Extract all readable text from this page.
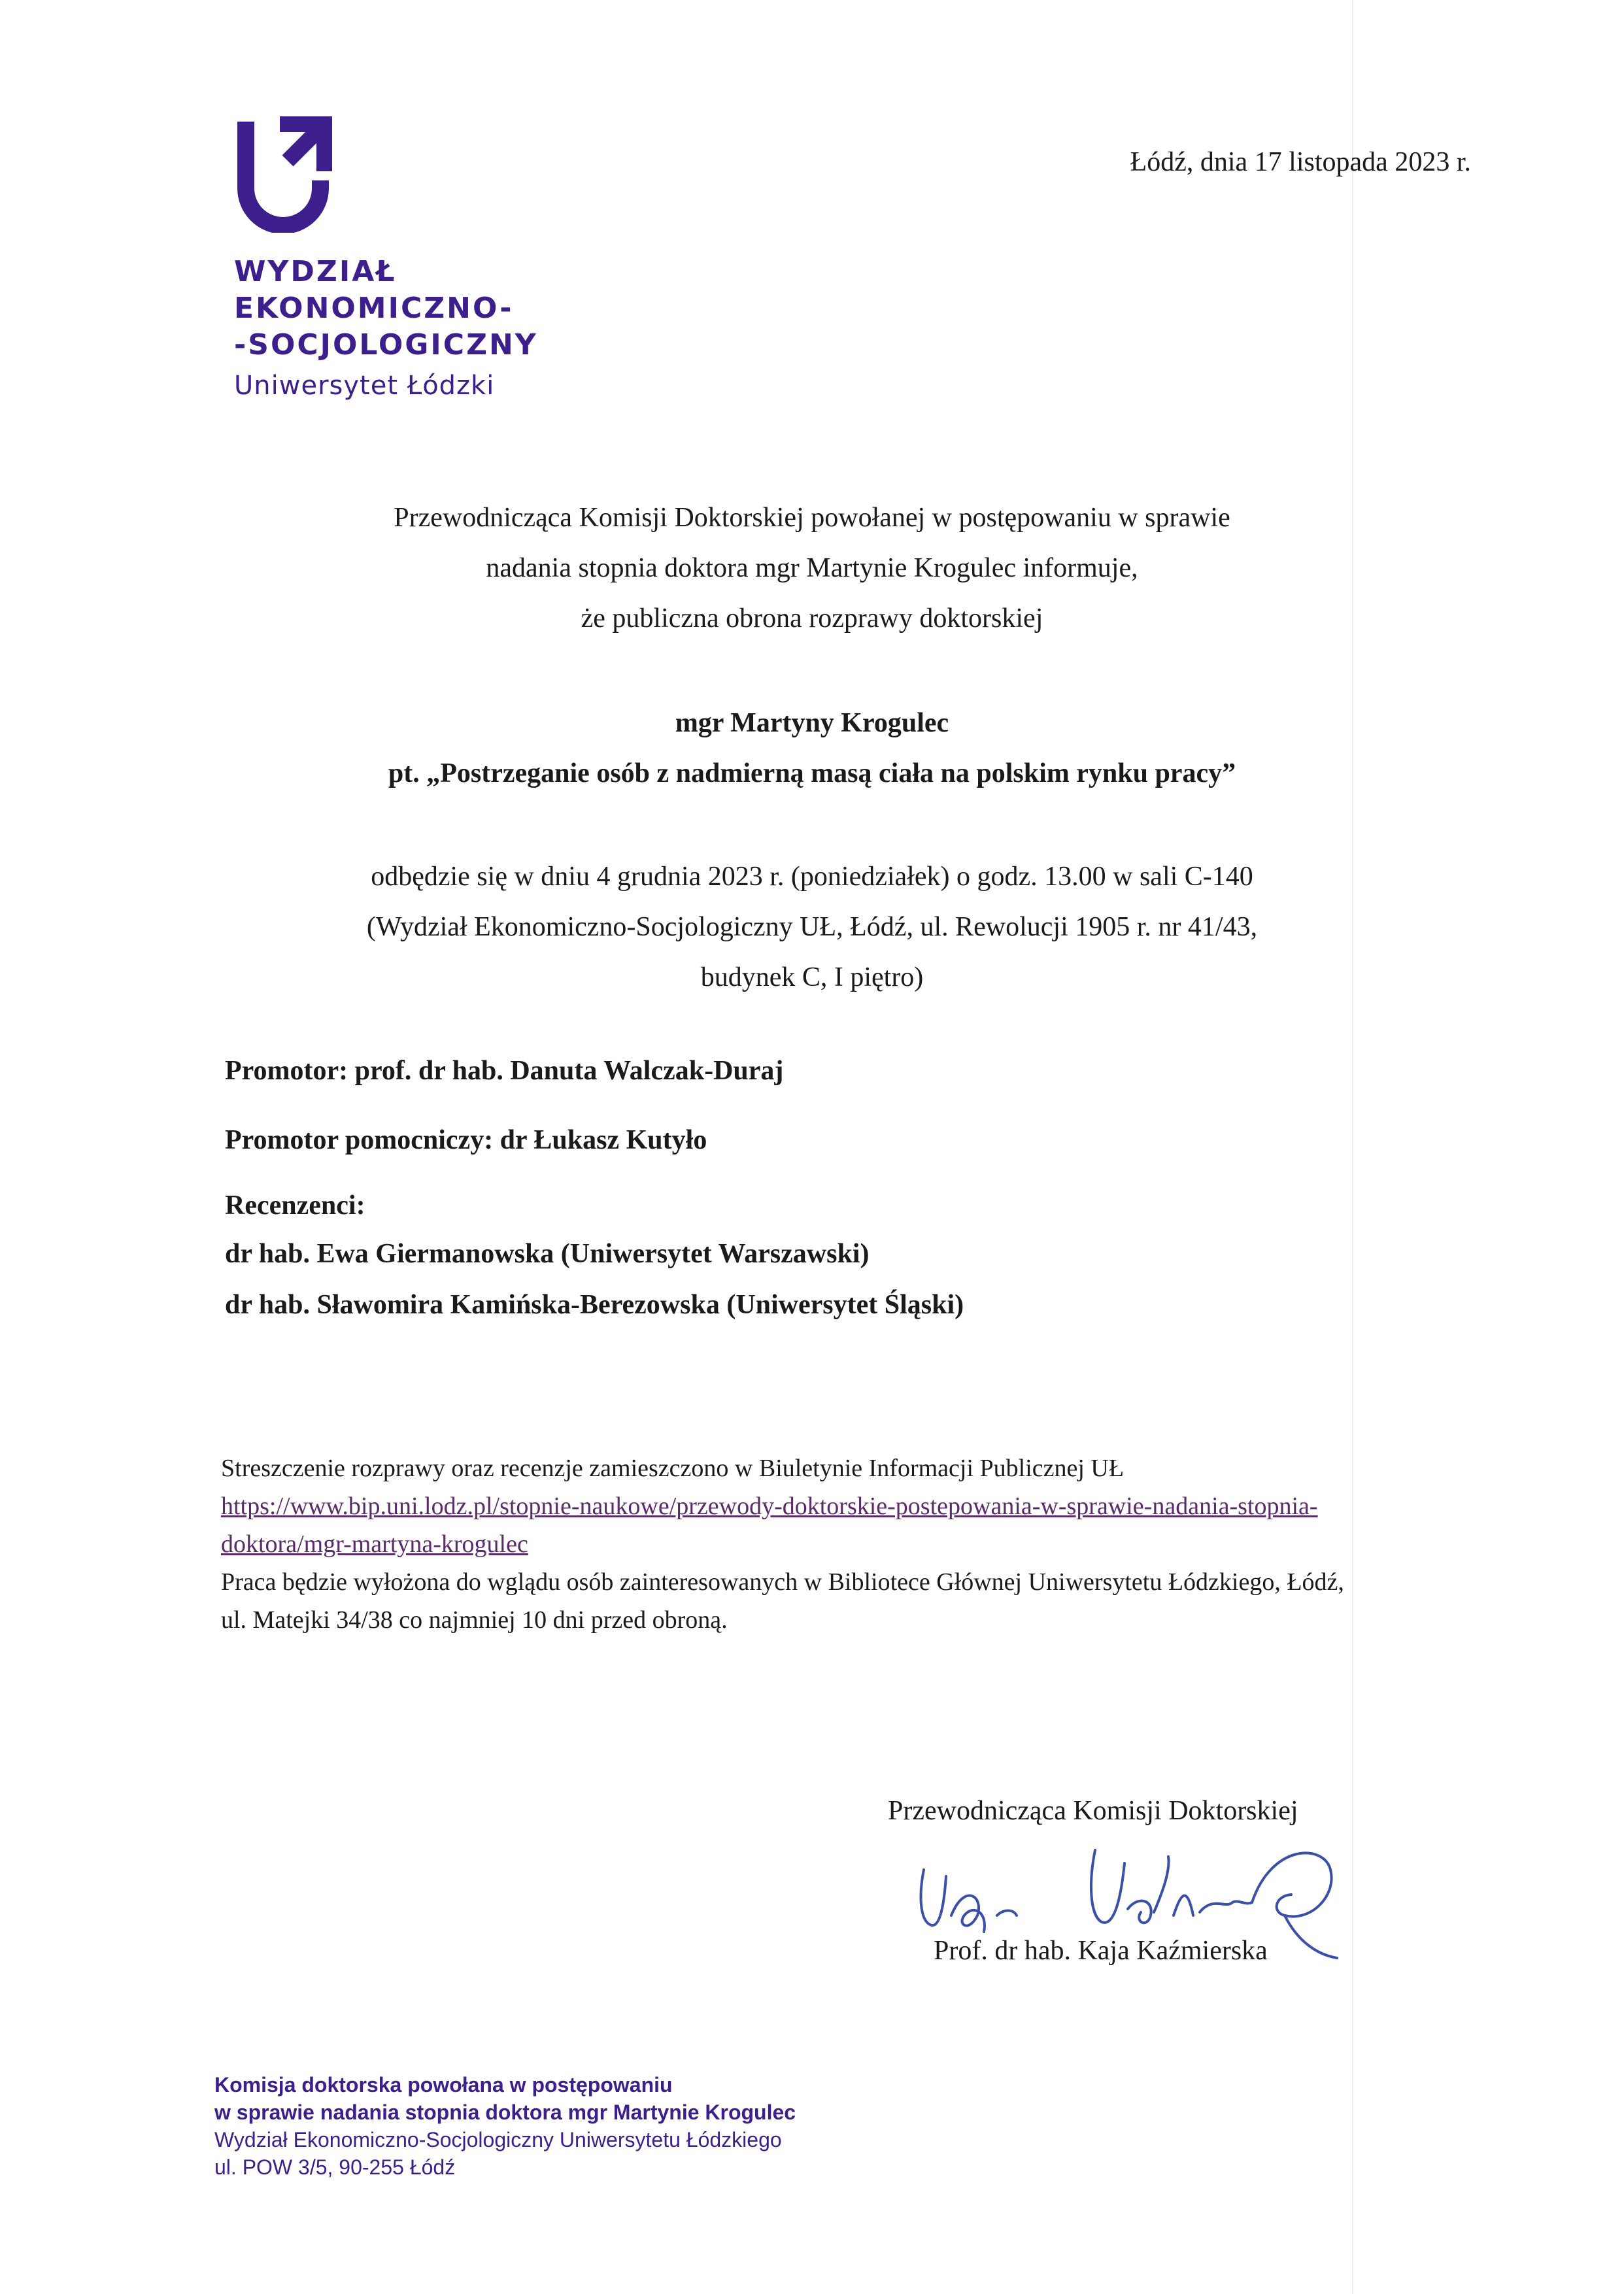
WYDZIAŁ
EKONOMICZNO-
-SOCJOLOGICZNY
Uniwersytet Łódzki
Łódź, dnia 17 listopada 2023 r.
Przewodnicząca Komisji Doktorskiej powołanej w postępowaniu w sprawie
nadania stopnia doktora mgr Martynie Krogulec informuje,
że publiczna obrona rozprawy doktorskiej
mgr Martyny Krogulec
pt. „Postrzeganie osób z nadmierną masą ciała na polskim rynku pracy”
odbędzie się w dniu 4 grudnia 2023 r. (poniedziałek) o godz. 13.00 w sali C-140
(Wydział Ekonomiczno-Socjologiczny UŁ, Łódź, ul. Rewolucji 1905 r. nr 41/43,
budynek C, I piętro)
Promotor: prof. dr hab. Danuta Walczak-Duraj
Promotor pomocniczy: dr Łukasz Kutyło
Recenzenci:
dr hab. Ewa Giermanowska (Uniwersytet Warszawski)
dr hab. Sławomira Kamińska-Berezowska (Uniwersytet Śląski)
Streszczenie rozprawy oraz recenzje zamieszczono w Biuletynie Informacji Publicznej UŁ
https://www.bip.uni.lodz.pl/stopnie-naukowe/przewody-doktorskie-postepowania-w-sprawie-nadania-stopnia-
doktora/mgr-martyna-krogulec
Praca będzie wyłożona do wglądu osób zainteresowanych w Bibliotece Głównej Uniwersytetu Łódzkiego, Łódź,
ul. Matejki 34/38 co najmniej 10 dni przed obroną.
Przewodnicząca Komisji Doktorskiej
Prof. dr hab. Kaja Kaźmierska
Komisja doktorska powołana w postępowaniu
w sprawie nadania stopnia doktora mgr Martynie Krogulec
Wydział Ekonomiczno-Socjologiczny Uniwersytetu Łódzkiego
ul. POW 3/5, 90-255 Łódź
